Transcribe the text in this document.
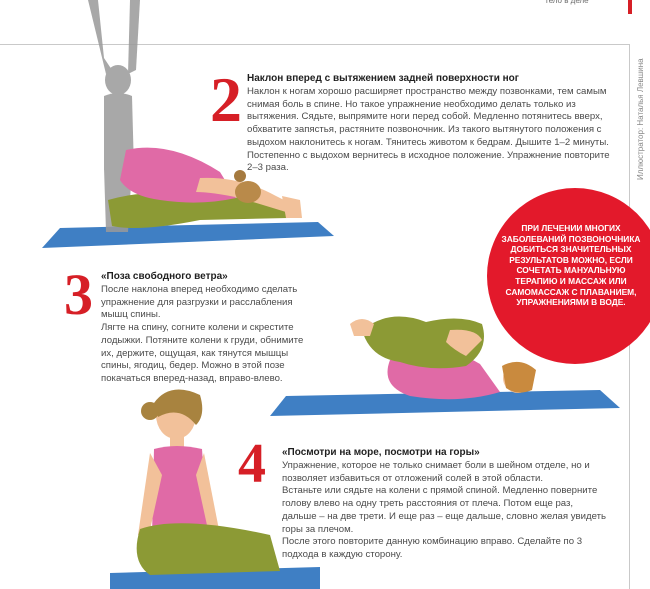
тело в деле
Иллюстратор: Наталья Левшина
2 Наклон вперед с вытяжением задней поверхности ног

Наклон к ногам хорошо расширяет пространство между позвонками, тем самым снимая боль в спине. Но такое упражнение необходимо делать только из вытяжения. Сядьте, выпрямите ноги перед собой. Медленно потянитесь вверх, обхватите запястья, растяните позвоночник. Из такого вытянутого положения с выдохом наклонитесь к ногам. Тянитесь животом к бедрам. Дышите 1–2 минуты. Постепенно с выдохом вернитесь в исходное положение. Упражнение повторите 2–3 раза.

ПРИ ЛЕЧЕНИИ МНОГИХ ЗАБОЛЕВАНИЙ ПОЗВОНОЧНИКА ДОБИТЬСЯ ЗНАЧИТЕЛЬНЫХ РЕЗУЛЬТАТОВ МОЖНО, ЕСЛИ СОЧЕТАТЬ МАНУАЛЬНУЮ ТЕРАПИЮ И МАССАЖ ИЛИ САМОМАССАЖ С ПЛАВАНИЕМ, УПРАЖНЕНИЯМИ В ВОДЕ.
3 «Поза свободного ветра»

После наклона вперед необходимо сделать упражнение для разгрузки и расслабления мышц спины.

Лягте на спину, согните колени и скрестите лодыжки. Потяните колени к груди, обнимите их, держите, ощущая, как тянутся мышцы спины, ягодиц, бедер. Можно в этой позе покачаться вперед-назад, вправо-влево.

4 «Посмотри на море, посмотри на горы»

Упражнение, которое не только снимает боли в шейном отделе, но и позволяет избавиться от отложений солей в этой области.

Встаньте или сядьте на колени с прямой спиной. Медленно поверните голову влево на одну треть расстояния от плеча. Потом еще раз, дальше – на две трети. И еще раз – еще дальше, словно желая увидеть горы за плечом.

После этого повторите данную комбинацию вправо. Сделайте по 3 подхода в каждую сторону.
